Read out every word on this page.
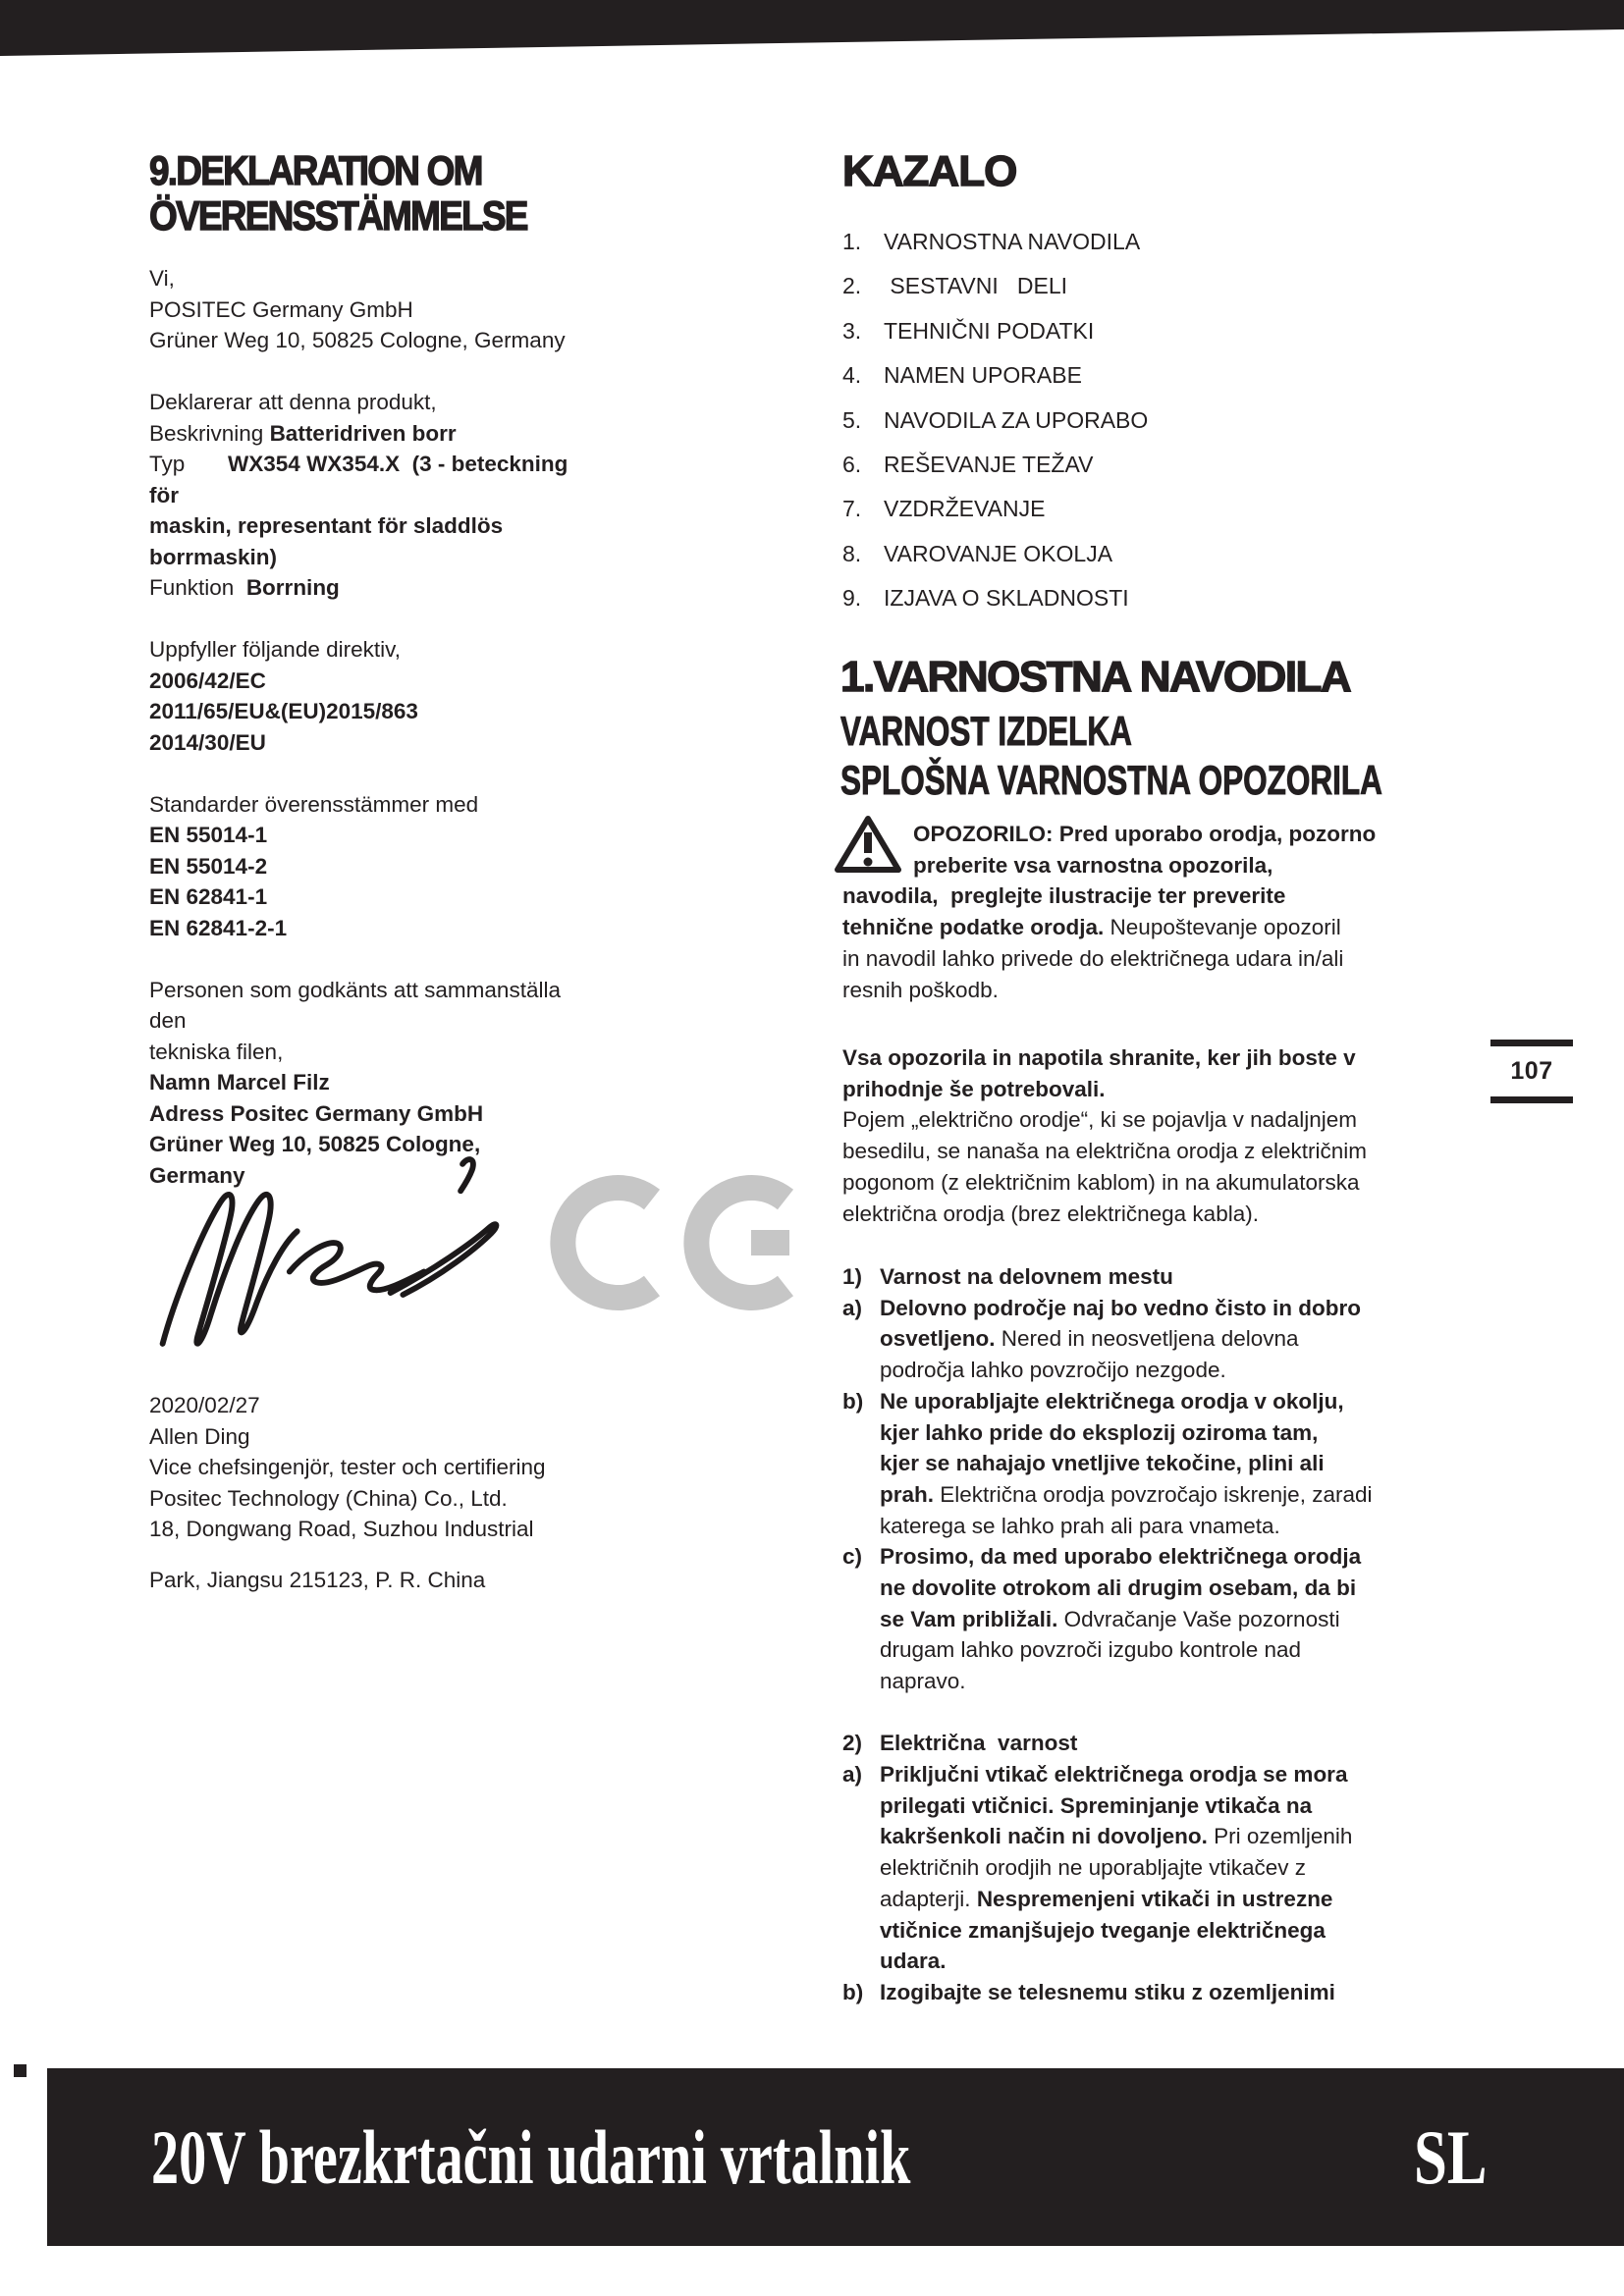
9.DEKLARATION OM
ÖVERENSSTÄMMELSE
Vi,
POSITEC Germany GmbH
Grüner Weg 10, 50825 Cologne, Germany
Deklarerar att denna produkt,
Beskrivning Batteridriven borr
Typ       WX354 WX354.X  (3 - beteckning för
maskin, representant för sladdlös borrmaskin)
Funktion  Borrning
Uppfyller följande direktiv,
2006/42/EC
2011/65/EU&(EU)2015/863
2014/30/EU
Standarder överensstämmer med
EN 55014-1
EN 55014-2
EN 62841-1
EN 62841-2-1
Personen som godkänts att sammanställa den
tekniska filen,
Namn Marcel Filz
Adress Positec Germany GmbH
Grüner Weg 10, 50825 Cologne, Germany
2020/02/27
Allen Ding
Vice chefsingenjör, tester och certifiering
Positec Technology (China) Co., Ltd.
18, Dongwang Road, Suzhou Industrial
Park, Jiangsu 215123, P. R. China
KAZALO
1. VARNOSTNA NAVODILA
2. SESTAVNI   DELI
3. TEHNIČNI PODATKI
4. NAMEN UPORABE
5. NAVODILA ZA UPORABO
6. REŠEVANJE TEŽAV
7. VZDRŽEVANJE
8. VAROVANJE OKOLJA
9. IZJAVA O SKLADNOSTI
1.VARNOSTNA NAVODILA
VARNOST IZDELKA
SPLOŠNA VARNOSTNA OPOZORILA
OPOZORILO: Pred uporabo orodja, pozorno
preberite vsa varnostna opozorila,
navodila,  preglejte ilustracije ter preverite
tehnične podatke orodja. Neupoštevanje opozoril
in navodil lahko privede do električnega udara in/ali
resnih poškodb.
Vsa opozorila in napotila shranite, ker jih boste v
prihodnje še potrebovali.
Pojem „električno orodje“, ki se pojavlja v nadaljnjem
besedilu, se nanaša na električna orodja z električnim
pogonom (z električnim kablom) in na akumulatorska
električna orodja (brez električnega kabla).
1) Varnost na delovnem mestu
a) Delovno področje naj bo vedno čisto in dobro
osvetljeno. Nered in neosvetljena delovna
področja lahko povzročijo nezgode.
b) Ne uporabljajte električnega orodja v okolju,
kjer lahko pride do eksplozij oziroma tam,
kjer se nahajajo vnetljive tekočine, plini ali
prah. Električna orodja povzročajo iskrenje, zaradi
katerega se lahko prah ali para vnameta.
c) Prosimo, da med uporabo električnega orodja
ne dovolite otrokom ali drugim osebam, da bi
se Vam približali. Odvračanje Vaše pozornosti
drugam lahko povzroči izgubo kontrole nad
napravo.
2) Električna  varnost
a) Priključni vtikač električnega orodja se mora
prilegati vtičnici. Spreminjanje vtikača na
kakršenkoli način ni dovoljeno. Pri ozemljenih
električnih orodjih ne uporabljajte vtikačev z
adapterji. Nespremenjeni vtikači in ustrezne
vtičnice zmanjšujejo tveganje električnega
udara.
b) Izogibajte se telesnemu stiku z ozemljenimi
107
20V brezkrtačni udarni vrtalnik	SL
